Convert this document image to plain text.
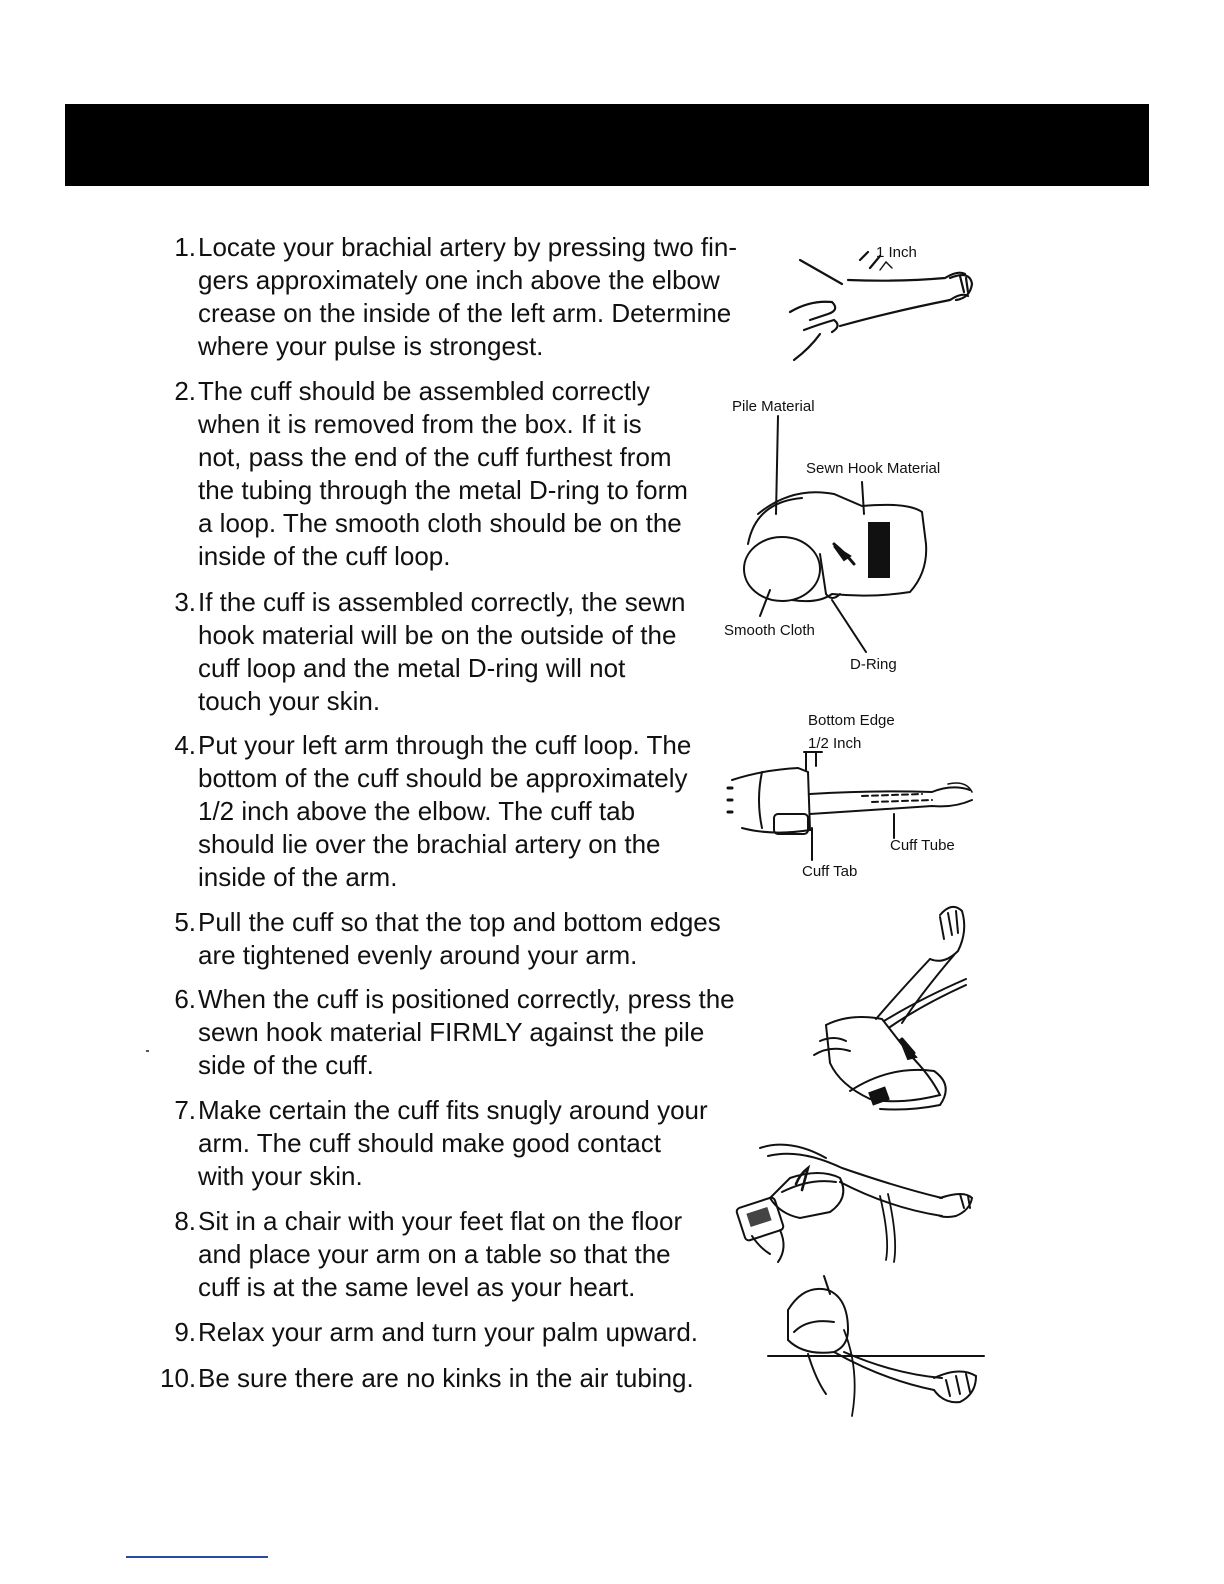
1. Locate your brachial artery by pressing two fin-
gers approximately one inch above the elbow
crease on the inside of the left arm. Determine
where your pulse is strongest.
2. The cuff should be assembled correctly
when it is removed from the box. If it is
not, pass the end of the cuff furthest from
the tubing through the metal D-ring to form
a loop. The smooth cloth should be on the
inside of the cuff loop.
3. If the cuff is assembled correctly, the sewn
hook material will be on the outside of the
cuff loop and the metal D-ring will not
touch your skin.
4. Put your left arm through the cuff loop. The
bottom of the cuff should be approximately
1/2 inch above the elbow. The cuff tab
should lie over the brachial artery on the
inside of the arm.
5. Pull the cuff so that the top and bottom edges
are tightened evenly around your arm.
6. When the cuff is positioned correctly, press the
sewn hook material FIRMLY against the pile
side of the cuff.
7. Make certain the cuff fits snugly around your
arm. The cuff should make good contact
with your skin.
8. Sit in a chair with your feet flat on the floor
and place your arm on a table so that the
cuff is at the same level as your heart.
9. Relax your arm and turn your palm upward.
10. Be sure there are no kinks in the air tubing.
1 Inch
Pile Material
Sewn Hook Material
Smooth Cloth
D-Ring
Bottom Edge
1/2 Inch
Cuff Tube
Cuff Tab
